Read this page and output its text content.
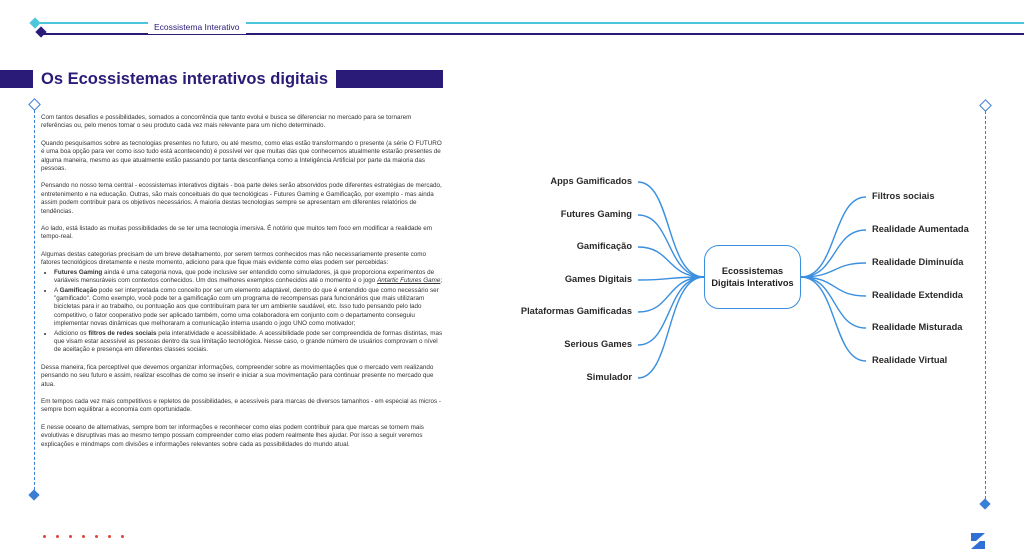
Ecossistema Interativo
Os Ecossistemas interativos digitais

Com tantos desafios e possibilidades, somados a concorrência que tanto evolui e busca se diferenciar no mercado para se tornarem referências ou, pelo menos tornar o seu produto cada vez mais relevante para um nicho determinado.

Quando pesquisamos sobre as tecnologias presentes no futuro, ou até mesmo, como elas estão transformando o presente (a série O FUTURO é uma boa opção para ver como isso tudo está acontecendo) é possível ver que muitas das que conhecemos atualmente estarão presentes de alguma maneira, mesmo as que atualmente estão passando por tanta desconfiança como a Inteligência Artificial por parte da maioria das pessoas.

Pensando no nosso tema central - ecossistemas interativos digitais - boa parte deles serão absorvidos pode diferentes estratégias de mercado, entretenimento e na educação. Outras, são mais conceituais do que tecnológicas - Futures Gaming e Gamificação, por exemplo - mas ainda assim podem contribuir para os objetivos necessários. A maioria destas tecnologias sempre se apresentam em diferentes relatórios de tendências.

Ao lado, está listado as muitas possibilidades de se ter uma tecnologia imersiva. É notório que muitos tem foco em modificar a realidade em tempo-real.

Algumas destas categorias precisam de um breve detalhamento, por serem termos conhecidos mas não necessariamente presente como fatores tecnológicos diretamente e neste momento, adiciono para que fique mais evidente como elas podem ser percebidas:

• Futures Gaming ainda é uma categoria nova, que pode inclusive ser entendido como simuladores, já que proporciona experimentos de variáveis mensuráveis com contextos conhecidos. Um dos melhores exemplos conhecidos até o momento é o jogo Antartic Futures Game;
• A Gamificação pode ser interpretada como conceito por ser um elemento adaptável, dentro do que é entendido que como necessário ser "gamificado". Como exemplo, você pode ter a gamificação com um programa de recompensas para funcionários que mais utilizaram bicicletas para ir ao trabalho, ou pontuação aos que contribuíram para ter um ambiente saudável, etc. Isso tudo pensando pelo lado competitivo, o fator cooperativo pode ser aplicado também, como uma colaboradora em conjunto com o departamento conseguiu implementar novas dinâmicas que melhoraram a comunicação interna usando o jogo UNO como motivador;
• Adiciono os filtros de redes sociais pela interatividade e acessibilidade. A acessibilidade pode ser compreendida de formas distintas, mas que visam estar acessível as pessoas dentro da sua limitação tecnológica. Nesse caso, o grande número de usuários comprovam o nível de aceitação e presença em diferentes classes sociais.

Dessa maneira, fica perceptível que devemos organizar informações, compreender sobre as movimentações que o mercado vem realizando pensando no seu futuro e assim, realizar escolhas de como se inserir e iniciar a sua movimentação para continuar presente no mercado que atua.

Em tempos cada vez mais competitivos e repletos de possibilidades, e acessíveis para marcas de diversos tamanhos - em especial as micros - sempre bom equilibrar a economia com oportunidade.

E nesse oceano de alternativas, sempre bom ter informações e reconhecer como elas podem contribuir para que marcas se tornem mais evolutivas e disruptivas mas ao mesmo tempo possam compreender como elas podem realmente lhes ajudar. Por isso a seguir veremos explicações e mindmaps com divisões e informações relevantes sobre cada as possibilidades do mundo atual.

Ecossistemas Digitais Interativos
Apps Gamificados
Futures Gaming
Gamificação
Games Digitais
Plataformas Gamificadas
Serious Games
Simulador
Filtros sociais
Realidade Aumentada
Realidade Diminuída
Realidade Extendida
Realidade Misturada
Realidade Virtual
